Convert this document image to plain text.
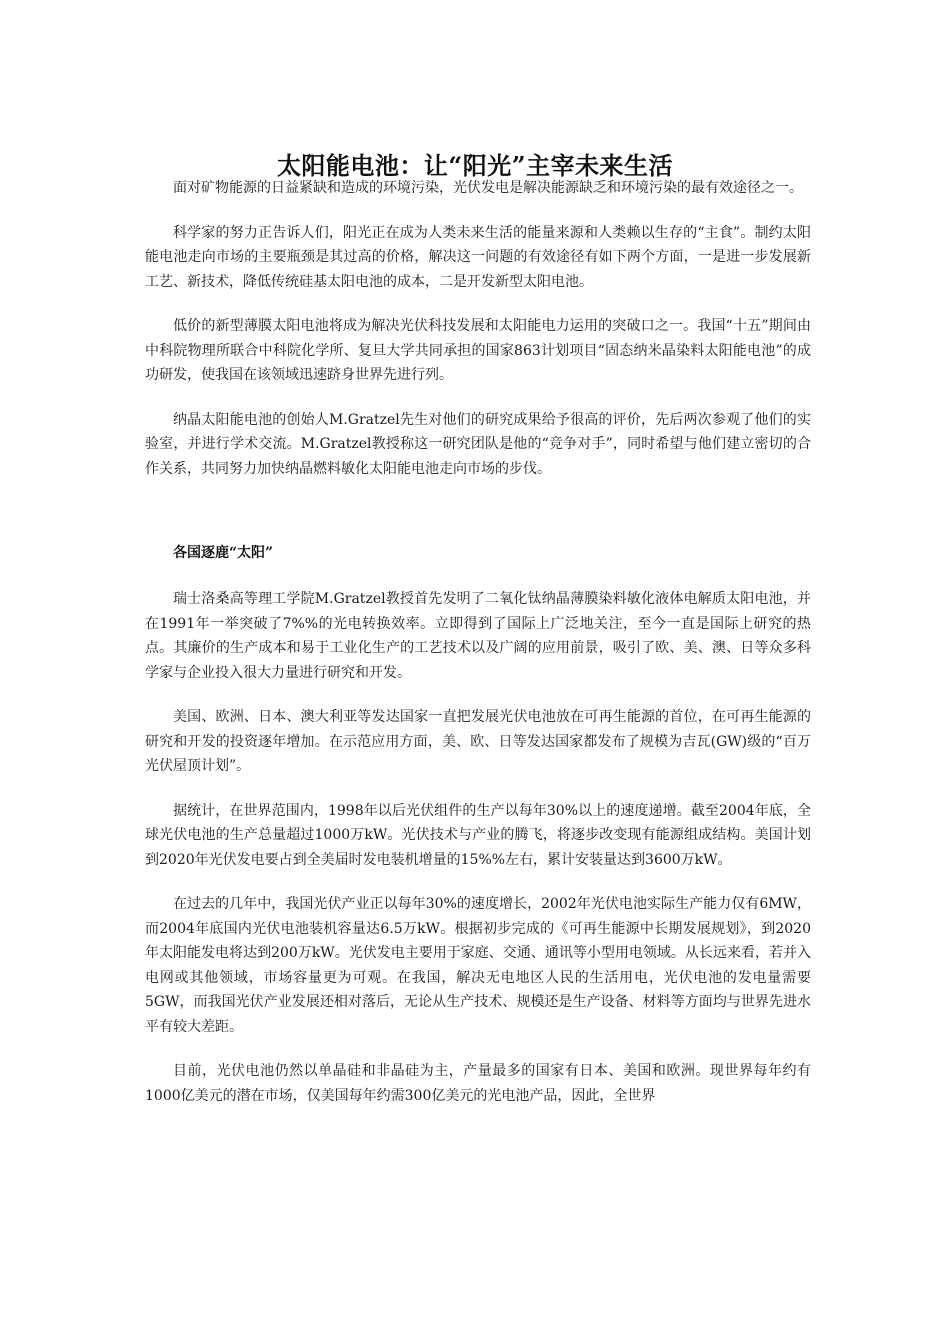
太阳能电池：让“阳光”主宰未来生活

面对矿物能源的日益紧缺和造成的环境污染，光伏发电是解决能源缺乏和环境污染的最有效途径之一。

科学家的努力正告诉人们，阳光正在成为人类未来生活的能量来源和人类赖以生存的“主食”。制约太阳能电池走向市场的主要瓶颈是其过高的价格，解决这一问题的有效途径有如下两个方面，一是进一步发展新工艺、新技术，降低传统硅基太阳电池的成本，二是开发新型太阳电池。

低价的新型薄膜太阳电池将成为解决光伏科技发展和太阳能电力运用的突破口之一。我国“十五”期间由中科院物理所联合中科院化学所、复旦大学共同承担的国家863计划项目“固态纳米晶染料太阳能电池”的成功研发，使我国在该领域迅速跻身世界先进行列。

纳晶太阳能电池的创始人M.Gratzel先生对他们的研究成果给予很高的评价，先后两次参观了他们的实验室，并进行学术交流。M.Gratzel教授称这一研究团队是他的“竞争对手”，同时希望与他们建立密切的合作关系，共同努力加快纳晶燃料敏化太阳能电池走向市场的步伐。

各国逐鹿“太阳”

瑞士洛桑高等理工学院M.Gratzel教授首先发明了二氧化钛纳晶薄膜染料敏化液体电解质太阳电池，并在1991年一举突破了7%%的光电转换效率。立即得到了国际上广泛地关注，至今一直是国际上研究的热点。其廉价的生产成本和易于工业化生产的工艺技术以及广阔的应用前景，吸引了欧、美、澳、日等众多科学家与企业投入很大力量进行研究和开发。

美国、欧洲、日本、澳大利亚等发达国家一直把发展光伏电池放在可再生能源的首位，在可再生能源的研究和开发的投资逐年增加。在示范应用方面，美、欧、日等发达国家都发布了规模为吉瓦(GW)级的“百万光伏屋顶计划”。

据统计，在世界范围内，1998年以后光伏组件的生产以每年30%以上的速度递增。截至2004年底，全球光伏电池的生产总量超过1000万kW。光伏技术与产业的腾飞，将逐步改变现有能源组成结构。美国计划到2020年光伏发电要占到全美届时发电装机增量的15%%左右，累计安装量达到3600万kW。

在过去的几年中，我国光伏产业正以每年30%的速度增长，2002年光伏电池实际生产能力仅有6MW，而2004年底国内光伏电池装机容量达6.5万kW。根据初步完成的《可再生能源中长期发展规划》，到2020年太阳能发电将达到200万kW。光伏发电主要用于家庭、交通、通讯等小型用电领域。从长远来看，若并入电网或其他领域，市场容量更为可观。在我国，解决无电地区人民的生活用电，光伏电池的发电量需要5GW，而我国光伏产业发展还相对落后，无论从生产技术、规模还是生产设备、材料等方面均与世界先进水平有较大差距。

目前，光伏电池仍然以单晶硅和非晶硅为主，产量最多的国家有日本、美国和欧洲。现世界每年约有1000亿美元的潜在市场，仅美国每年约需300亿美元的光电池产品，因此，全世界
